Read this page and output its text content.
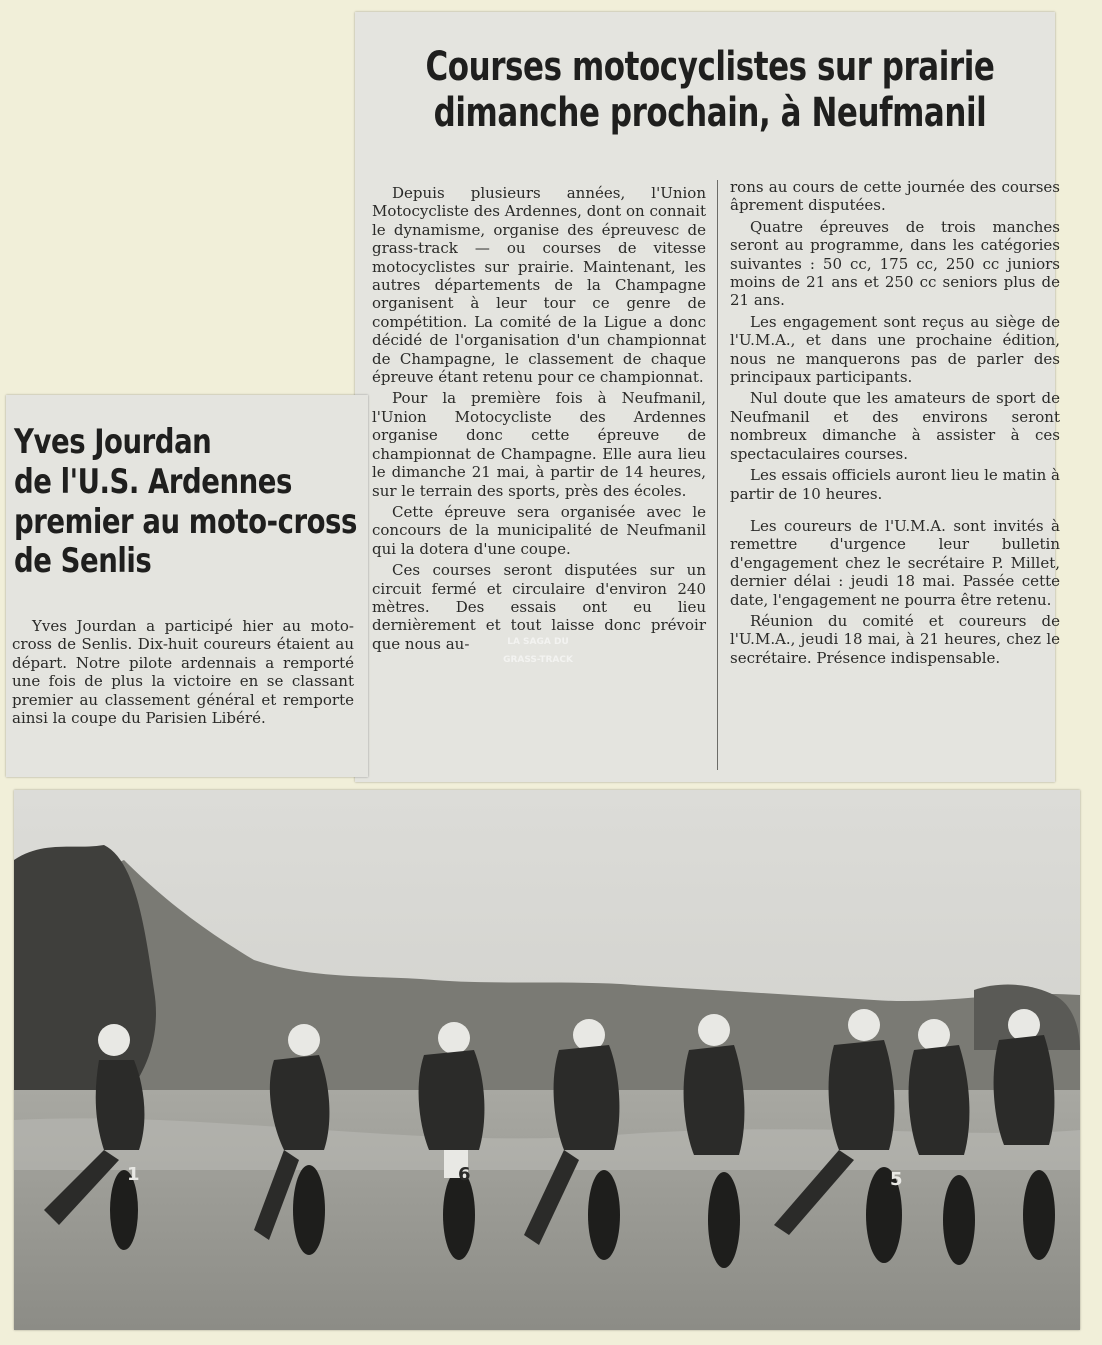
Courses motocyclistes sur prairie
dimanche prochain, à Neufmanil

Depuis plusieurs années, l'Union Motocycliste des Ardennes, dont on connait le dynamisme, organise des épreuvesc de grass-track — ou courses de vitesse motocyclistes sur prairie. Maintenant, les autres départements de la Champagne organisent à leur tour ce genre de compétition. La comité de la Ligue a donc décidé de l'organisation d'un championnat de Champagne, le classement de chaque épreuve étant retenu pour ce championnat.

Pour la première fois à Neufmanil, l'Union Motocycliste des Ardennes organise donc cette épreuve de championnat de Champagne. Elle aura lieu le dimanche 21 mai, à partir de 14 heures, sur le terrain des sports, près des écoles.

Cette épreuve sera organisée avec le concours de la municipalité de Neufmanil qui la dotera d'une coupe.

Ces courses seront disputées sur un circuit fermé et circulaire d'environ 240 mètres. Des essais ont eu lieu dernièrement et tout laisse donc prévoir que nous au-

rons au cours de cette journée des courses âprement disputées.

Quatre épreuves de trois manches seront au programme, dans les catégories suivantes : 50 cc, 175 cc, 250 cc juniors moins de 21 ans et 250 cc seniors plus de 21 ans.

Les engagement sont reçus au siège de l'U.M.A., et dans une prochaine édition, nous ne manquerons pas de parler des principaux participants.

Nul doute que les amateurs de sport de Neufmanil et des environs seront nombreux dimanche à assister à ces spectaculaires courses.

Les essais officiels auront lieu le matin à partir de 10 heures.

Les coureurs de l'U.M.A. sont invités à remettre d'urgence leur bulletin d'engagement chez le secrétaire P. Millet, dernier délai : jeudi 18 mai. Passée cette date, l'engagement ne pourra être retenu.

Réunion du comité et coureurs de l'U.M.A., jeudi 18 mai, à 21 heures, chez le secrétaire. Présence indispensable.

Yves Jourdan
de l'U.S. Ardennes
premier au moto-cross
de Senlis

Yves Jourdan a participé hier au moto-cross de Senlis. Dix-huit coureurs étaient au départ. Notre pilote ardennais a remporté une fois de plus la victoire en se classant premier au classement général et remporte ainsi la coupe du Parisien Libéré.

1	6	5
LA SAGA DU GRASS-TRACK
